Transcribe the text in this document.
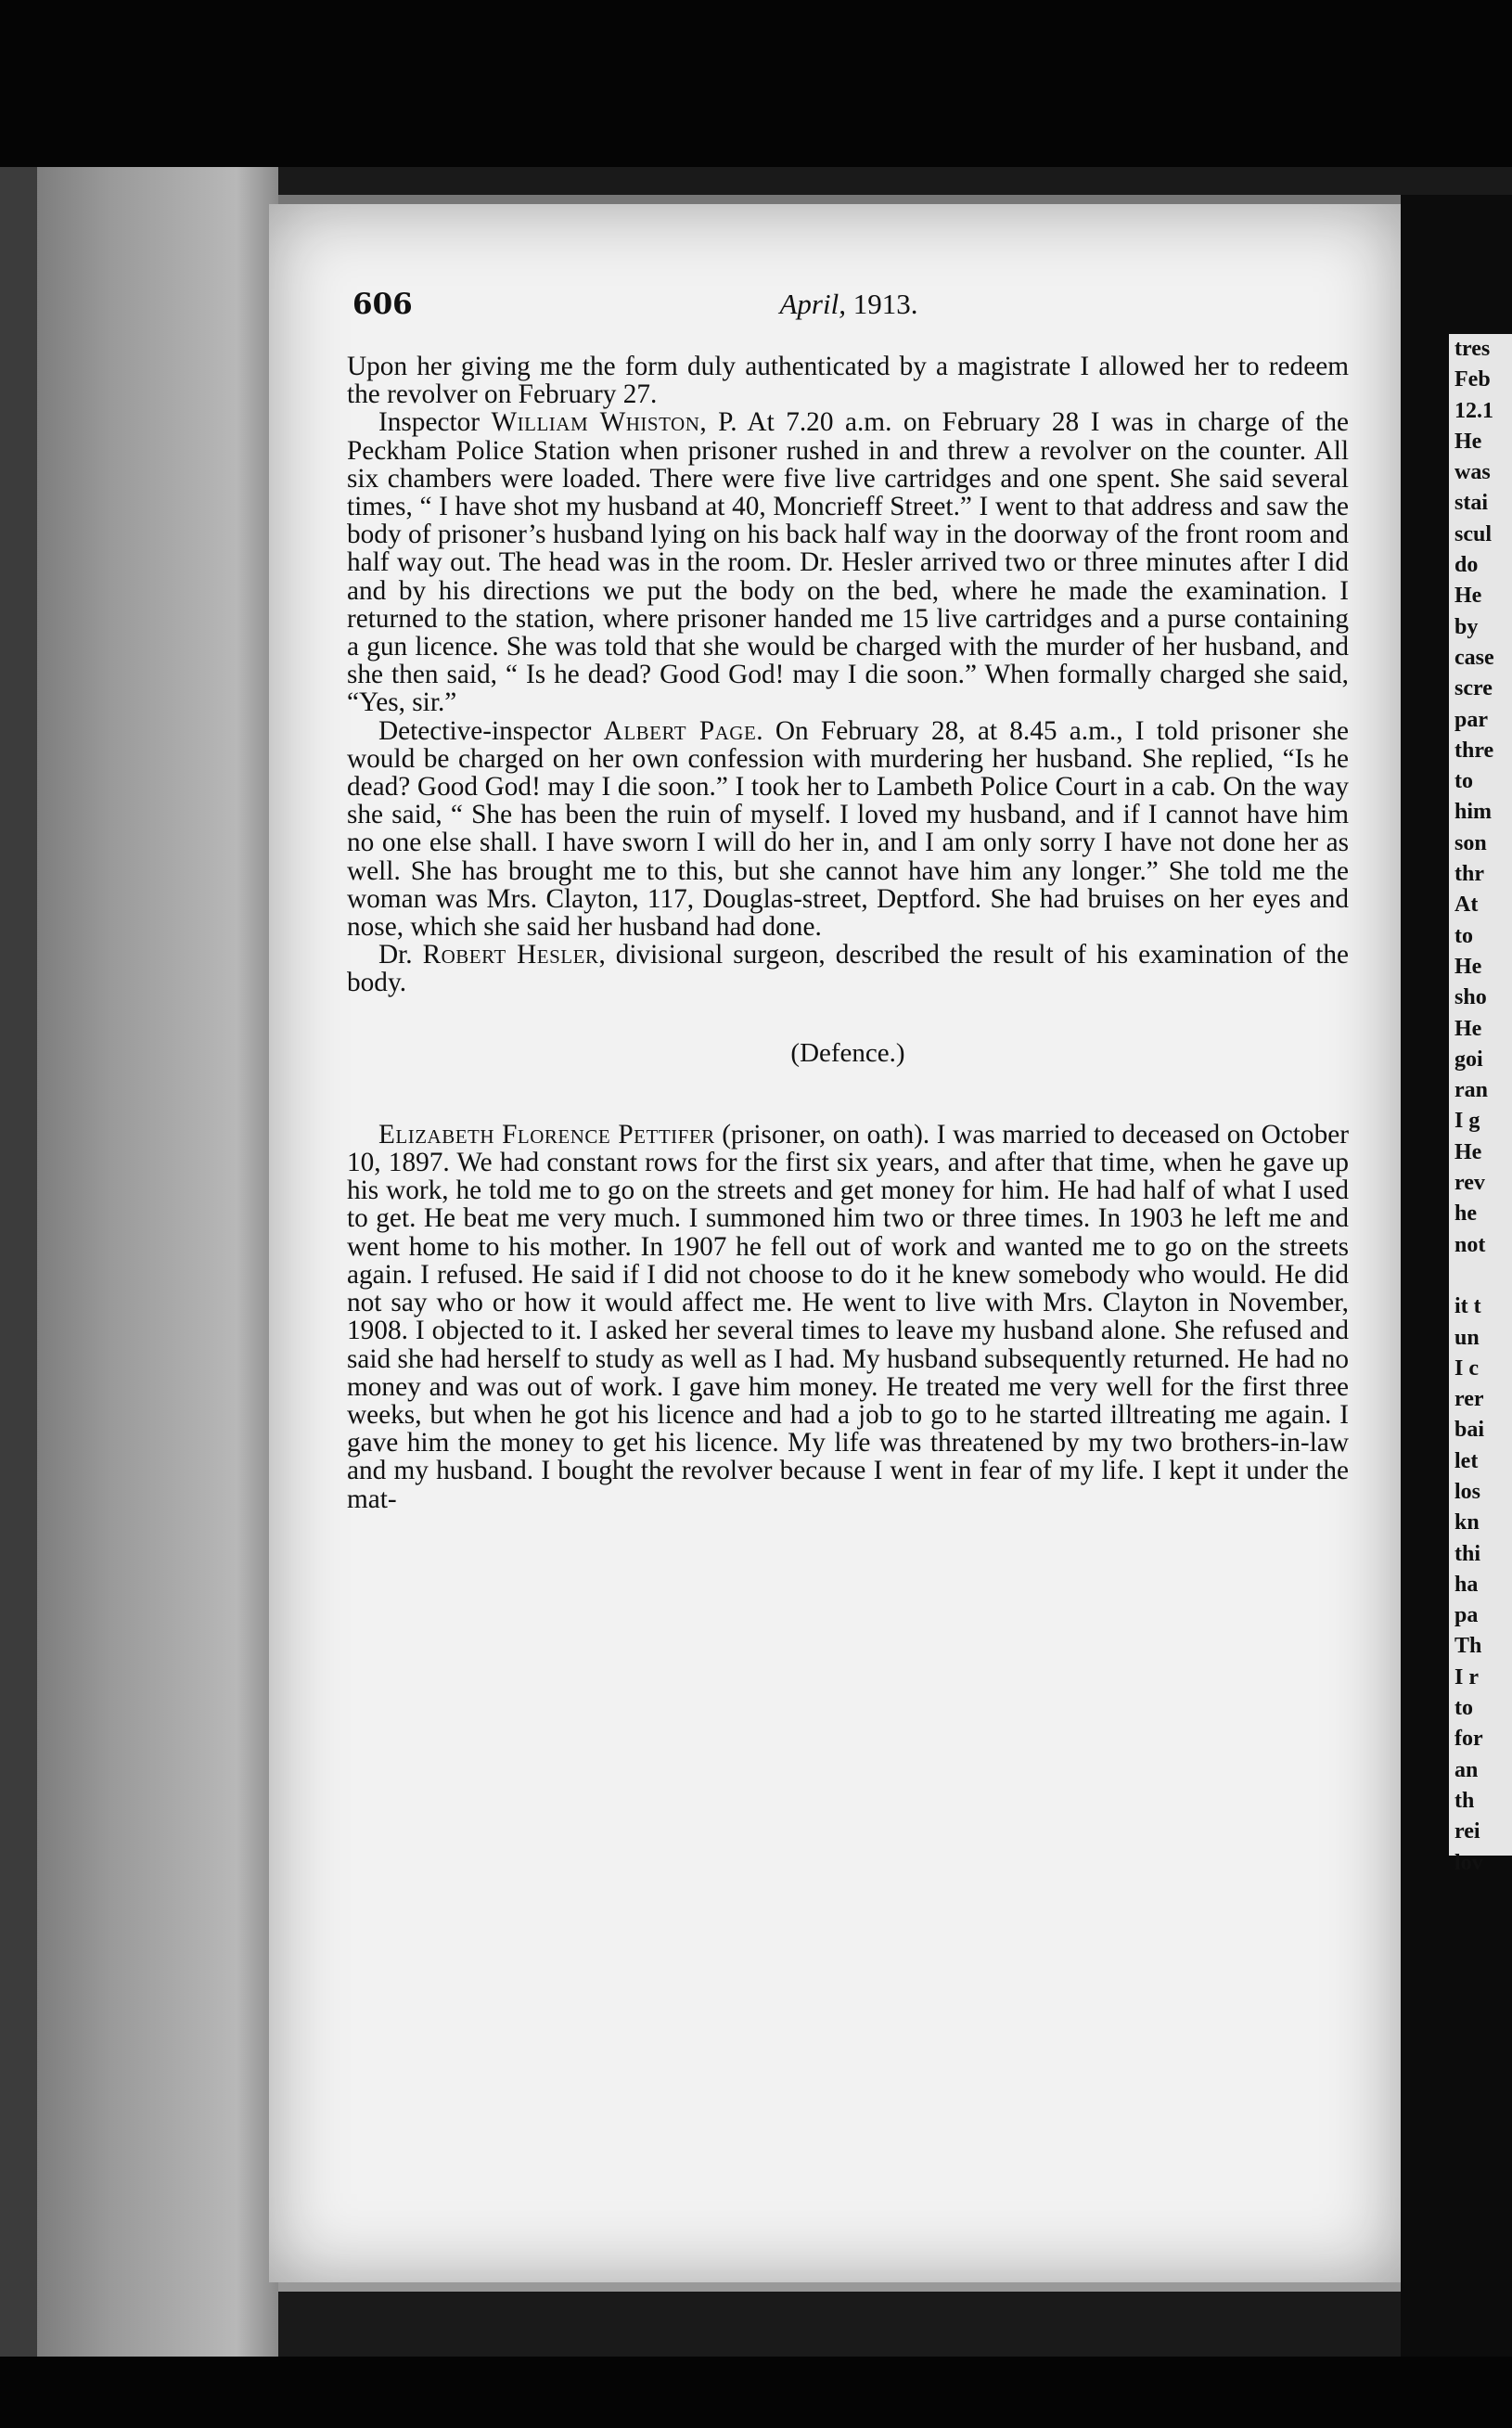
tres
Feb
12.1
He
was
stai
scul
do
He
by
case
scre
par
thre
to
him
son
thr
At
to
He
sho
He
goi
ran
I g
He
rev
he
not

it t
un
I c
rer
bai
let
los
kn
thi
ha
pa
Th
I r
to
for
an
th
rei
lov
606	April, 1913.

Upon her giving me the form duly authenticated by a magistrate I allowed her to redeem the revolver on February 27.

Inspector William Whiston, P. At 7.20 a.m. on February 28 I was in charge of the Peckham Police Station when prisoner rushed in and threw a revolver on the counter. All six chambers were loaded. There were five live cartridges and one spent. She said several times, “ I have shot my husband at 40, Moncrieff Street.” I went to that address and saw the body of prisoner’s husband lying on his back half way in the doorway of the front room and half way out. The head was in the room. Dr. Hesler arrived two or three minutes after I did and by his directions we put the body on the bed, where he made the examination. I returned to the station, where prisoner handed me 15 live cartridges and a purse containing a gun licence. She was told that she would be charged with the murder of her husband, and she then said, “ Is he dead? Good God! may I die soon.” When formally charged she said, “Yes, sir.”

Detective-inspector Albert Page. On February 28, at 8.45 a.m., I told prisoner she would be charged on her own confession with murdering her husband. She replied, “Is he dead? Good God! may I die soon.” I took her to Lambeth Police Court in a cab. On the way she said, “ She has been the ruin of myself. I loved my husband, and if I cannot have him no one else shall. I have sworn I will do her in, and I am only sorry I have not done her as well. She has brought me to this, but she cannot have him any longer.” She told me the woman was Mrs. Clayton, 117, Douglas-street, Deptford. She had bruises on her eyes and nose, which she said her husband had done.

Dr. Robert Hesler, divisional surgeon, described the result of his examination of the body.

(Defence.)

Elizabeth Florence Pettifer (prisoner, on oath). I was married to deceased on October 10, 1897. We had constant rows for the first six years, and after that time, when he gave up his work, he told me to go on the streets and get money for him. He had half of what I used to get. He beat me very much. I summoned him two or three times. In 1903 he left me and went home to his mother. In 1907 he fell out of work and wanted me to go on the streets again. I refused. He said if I did not choose to do it he knew somebody who would. He did not say who or how it would affect me. He went to live with Mrs. Clayton in November, 1908. I objected to it. I asked her several times to leave my husband alone. She refused and said she had herself to study as well as I had. My husband subsequently returned. He had no money and was out of work. I gave him money. He treated me very well for the first three weeks, but when he got his licence and had a job to go to he started illtreating me again. I gave him the money to get his licence. My life was threatened by my two brothers-in-law and my husband. I bought the revolver because I went in fear of my life. I kept it under the mat-
